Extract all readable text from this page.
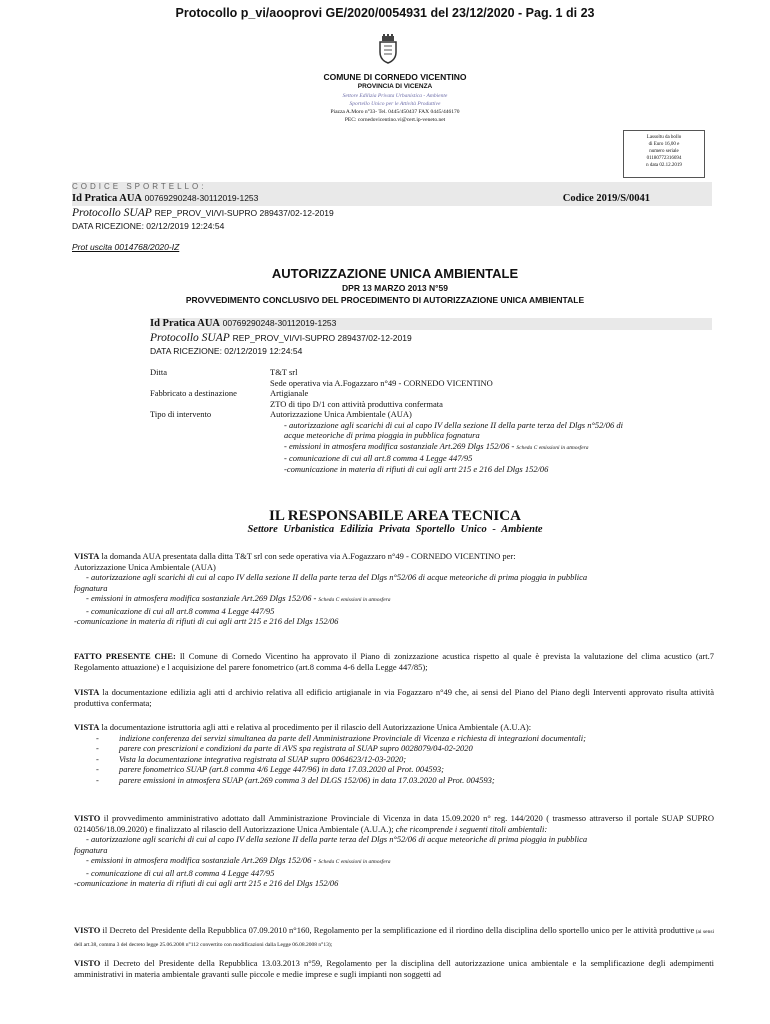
Protocollo p_vi/aooprovi GE/2020/0054931 del 23/12/2020 - Pag. 1 di 23
COMUNE DI CORNEDO VICENTINO
PROVINCIA DI VICENZA
Settore Edilizia Privata Urbanistica - Ambiente
Sportello Unico per le Attività Produttive
Piazza A.Moro n°33- Tel. 0445/450437 FAX 0445/446170
PEC: cornedovicentino.vi@cert.ip-veneto.net
Lassoltu da bollo
di Euro 16,00 e
numero seriale
01180772316694
n data 02.12.2019
CODICE SPORTELLO:
Id Pratica AUA 00769290248-30112019-1253	Codice 2019/S/0041
Protocollo SUAP REP_PROV_VI/VI-SUPRO 289437/02-12-2019
DATA RICEZIONE: 02/12/2019 12:24:54
Prot uscita 0014768/2020-IZ
AUTORIZZAZIONE UNICA AMBIENTALE
DPR 13 MARZO 2013 N°59
PROVVEDIMENTO CONCLUSIVO DEL PROCEDIMENTO DI AUTORIZZAZIONE UNICA AMBIENTALE
Id Pratica AUA 00769290248-30112019-1253
Protocollo SUAP REP_PROV_VI/VI-SUPRO 289437/02-12-2019
DATA RICEZIONE: 02/12/2019 12:24:54
Ditta	T&T srl
Sede operativa via A.Fogazzaro n°49 - CORNEDO VICENTINO
Fabbricato a destinazione	Artigianale
ZTO di tipo D/1 con attività produttiva confermata
Tipo di intervento	Autorizzazione Unica Ambientale (AUA)
- autorizzazione agli scarichi di cui al capo IV della sezione II della parte terza del Dlgs n°52/06 di
acque meteoriche di prima pioggia in pubblica fognatura
- emissioni in atmosfera modifica sostanziale Art.269 Dlgs 152/06 - Scheda C emissioni in atmosfera
- comunicazione di cui all art.8 comma 4 Legge 447/95
-comunicazione in materia di rifiuti di cui agli artt 215 e 216 del Dlgs 152/06
IL RESPONSABILE AREA TECNICA
Settore Urbanistica Edilizia Privata Sportello Unico - Ambiente
VISTA la domanda AUA presentata dalla ditta T&T srl con sede operativa via A.Fogazzaro n°49 - CORNEDO VICENTINO per:
Autorizzazione Unica Ambientale (AUA)
- autorizzazione agli scarichi di cui al capo IV della sezione II della parte terza del Dlgs n°52/06 di acque meteoriche di prima pioggia in pubblica
fognatura
- emissioni in atmosfera modifica sostanziale Art.269 Dlgs 152/06 - Scheda C emissioni in atmosfera
- comunicazione di cui all art.8 comma 4 Legge 447/95
-comunicazione in materia di rifiuti di cui agli artt 215 e 216 del Dlgs 152/06
FATTO PRESENTE CHE: Il Comune di Cornedo Vicentino ha approvato il Piano di zonizzazione acustica rispetto al quale è prevista la valutazione del clima acustico (art.7 Regolamento attuazione) e l acquisizione del parere fonometrico (art.8 comma 4-6 della Legge 447/85);
VISTA la documentazione edilizia agli atti d archivio relativa all edificio artigianale in via Fogazzaro n°49 che, ai sensi del Piano del Piano degli Interventi approvato risulta attività produttiva confermata;
VISTA la documentazione istruttoria agli atti e relativa al procedimento per il rilascio dell Autorizzazione Unica Ambientale (A.U.A):
-	indizione conferenza dei servizi simultanea da parte dell Amministrazione Provinciale di Vicenza e richiesta di integrazioni documentali;
-	parere con prescrizioni e condizioni da parte di AVS spa registrata al SUAP supro 0028079/04-02-2020
-	Vista la documentazione integrativa registrata al SUAP supro 0064623/12-03-2020;
-	parere fonometrico SUAP (art.8 comma 4/6 Legge 447/96) in data 17.03.2020 al Prot. 004593;
-	parere emissioni in atmosfera SUAP (art.269 comma 3 del DLGS 152/06) in data 17.03.2020 al Prot. 004593;
VISTO il provvedimento amministrativo adottato dall Amministrazione Provinciale di Vicenza in data 15.09.2020 n° reg. 144/2020 ( trasmesso attraverso il portale SUAP SUPRO 0214056/18.09.2020) e finalizzato al rilascio dell Autorizzazione Unica Ambientale (A.U.A.); che ricomprende i seguenti titoli ambientali:
- autorizzazione agli scarichi di cui al capo IV della sezione II della parte terza del Dlgs n°52/06 di acque meteoriche di prima pioggia in pubblica
fognatura
- emissioni in atmosfera modifica sostanziale Art.269 Dlgs 152/06 - Scheda C emissioni in atmosfera
- comunicazione di cui all art.8 comma 4 Legge 447/95
-comunicazione in materia di rifiuti di cui agli artt 215 e 216 del Dlgs 152/06
VISTO il Decreto del Presidente della Repubblica 07.09.2010 n°160, Regolamento per la semplificazione ed il riordino della disciplina dello sportello unico per le attività produttive (ai sensi dell art.38, comma 3 del decreto legge 25.06.2008 n°112 convertito con modificazioni dalla Legge 06.08.2008 n°13);
VISTO il Decreto del Presidente della Repubblica 13.03.2013 n°59, Regolamento per la disciplina dell autorizzazione unica ambientale e la semplificazione degli adempimenti amministrativi in materia ambientale gravanti sulle piccole e medie imprese e sugli impianti non soggetti ad
